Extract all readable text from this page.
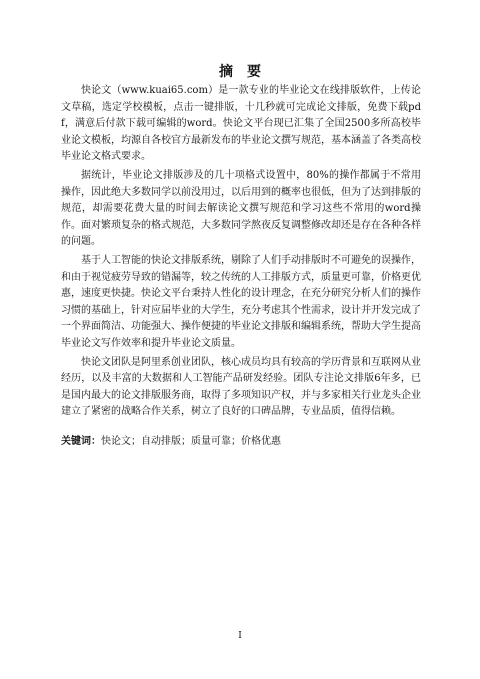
摘要

快论文（www.kuai65.com）是一款专业的毕业论文在线排版软件，上传论文草稿，选定学校模板，点击一键排版，十几秒就可完成论文排版，免费下载pdf，满意后付款下载可编辑的word。快论文平台现已汇集了全国2500多所高校毕业论文模板，均源自各校官方最新发布的毕业论文撰写规范，基本涵盖了各类高校毕业论文格式要求。

据统计，毕业论文排版涉及的几十项格式设置中，80%的操作都属于不常用操作，因此绝大多数同学以前没用过，以后用到的概率也很低，但为了达到排版的规范，却需要花费大量的时间去解读论文撰写规范和学习这些不常用的word操作。面对繁琐复杂的格式规范，大多数同学熬夜反复调整修改却还是存在各种各样的问题。

基于人工智能的快论文排版系统，剔除了人们手动排版时不可避免的误操作，和由于视觉疲劳导致的错漏等，较之传统的人工排版方式，质量更可靠，价格更优惠，速度更快捷。快论文平台秉持人性化的设计理念，在充分研究分析人们的操作习惯的基础上，针对应届毕业的大学生，充分考虑其个性需求，设计并开发完成了一个界面简洁、功能强大、操作便捷的毕业论文排版和编辑系统，帮助大学生提高毕业论文写作效率和提升毕业论文质量。

快论文团队是阿里系创业团队，核心成员均具有较高的学历背景和互联网从业经历，以及丰富的大数据和人工智能产品研发经验。团队专注论文排版6年多，已是国内最大的论文排版服务商，取得了多项知识产权，并与多家相关行业龙头企业建立了紧密的战略合作关系，树立了良好的口碑品牌，专业品质，值得信赖。

关键词：快论文；自动排版；质量可靠；价格优惠
I
